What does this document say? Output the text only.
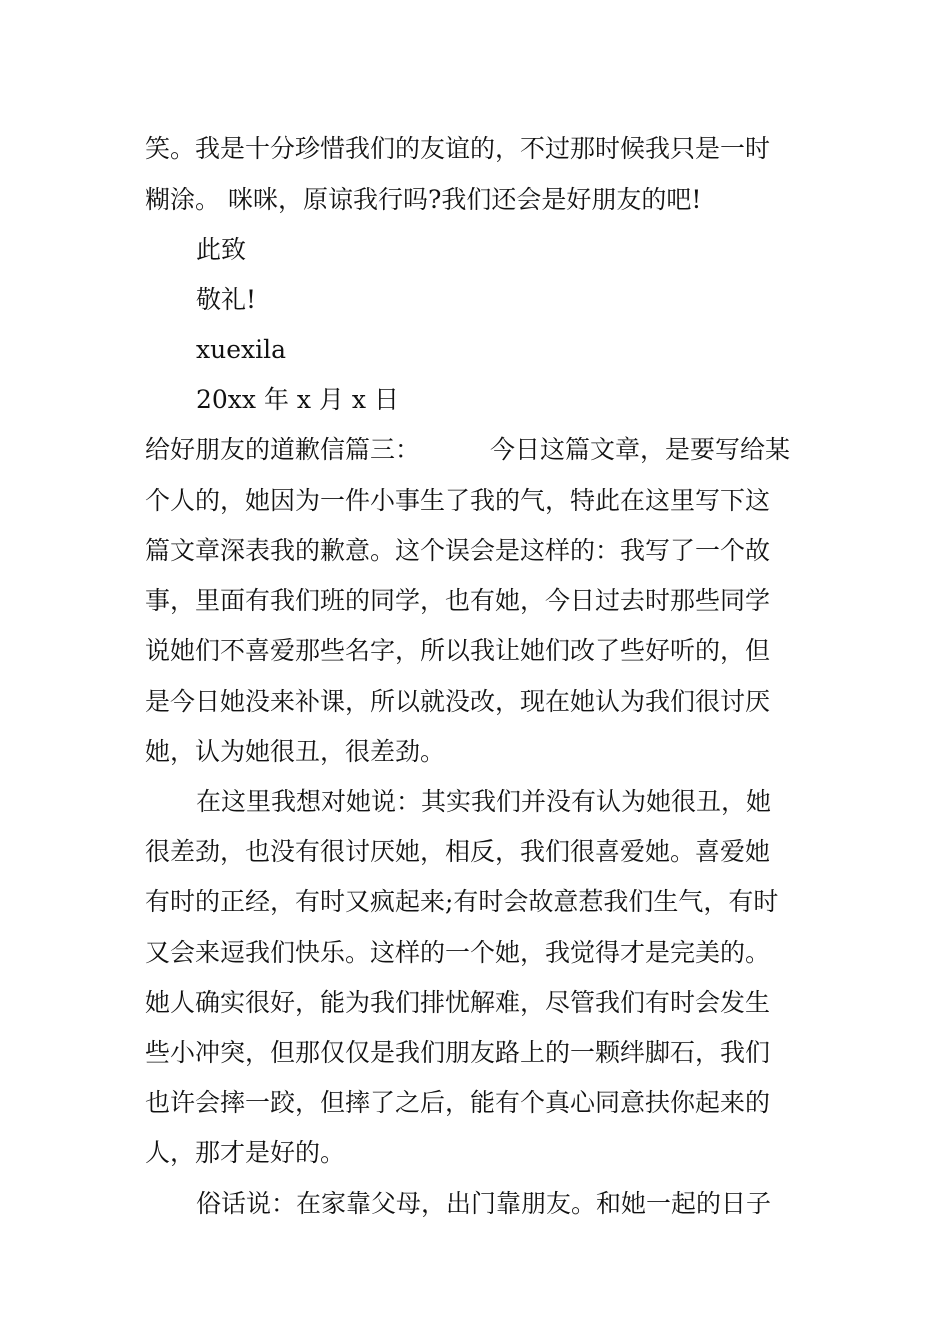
笑。我是十分珍惜我们的友谊的，不过那时候我只是一时

糊涂。 咪咪，原谅我行吗?我们还会是好朋友的吧!

此致

敬礼!

xuexila

20xx 年 x 月 x 日

给好朋友的道歉信篇三：	今日这篇文章，是要写给某

个人的，她因为一件小事生了我的气，特此在这里写下这

篇文章深表我的歉意。这个误会是这样的：我写了一个故

事，里面有我们班的同学，也有她，今日过去时那些同学

说她们不喜爱那些名字，所以我让她们改了些好听的，但

是今日她没来补课，所以就没改，现在她认为我们很讨厌

她，认为她很丑，很差劲。

在这里我想对她说：其实我们并没有认为她很丑，她

很差劲，也没有很讨厌她，相反，我们很喜爱她。喜爱她

有时的正经，有时又疯起来;有时会故意惹我们生气，有时

又会来逗我们快乐。这样的一个她，我觉得才是完美的。

她人确实很好，能为我们排忧解难，尽管我们有时会发生

些小冲突，但那仅仅是我们朋友路上的一颗绊脚石，我们

也许会摔一跤，但摔了之后，能有个真心同意扶你起来的

人，那才是好的。

俗话说：在家靠父母，出门靠朋友。和她一起的日子
